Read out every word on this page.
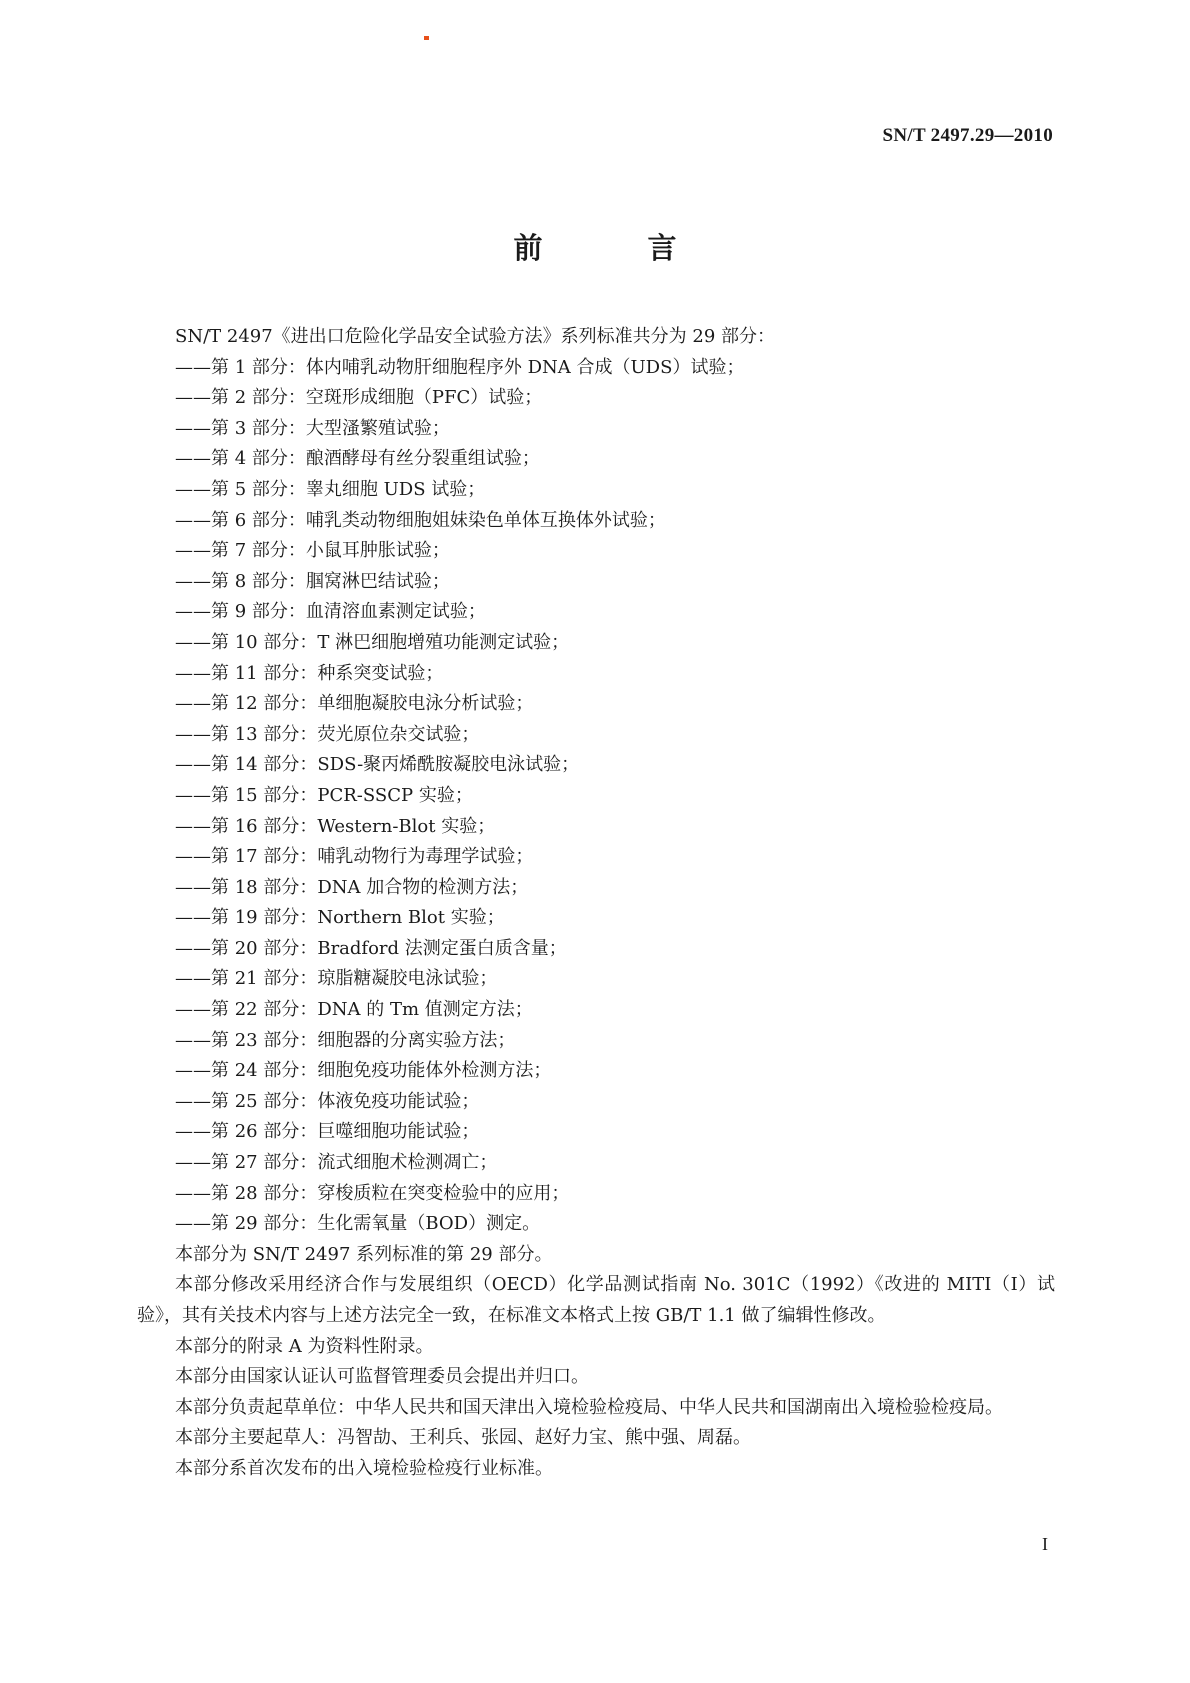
SN/T 2497.29—2010
前　言
SN/T 2497《进出口危险化学品安全试验方法》系列标准共分为 29 部分：
——第 1 部分：体内哺乳动物肝细胞程序外 DNA 合成（UDS）试验；
——第 2 部分：空斑形成细胞（PFC）试验；
——第 3 部分：大型溞繁殖试验；
——第 4 部分：酿酒酵母有丝分裂重组试验；
——第 5 部分：睾丸细胞 UDS 试验；
——第 6 部分：哺乳类动物细胞姐妹染色单体互换体外试验；
——第 7 部分：小鼠耳肿胀试验；
——第 8 部分：腘窝淋巴结试验；
——第 9 部分：血清溶血素测定试验；
——第 10 部分：T 淋巴细胞增殖功能测定试验；
——第 11 部分：种系突变试验；
——第 12 部分：单细胞凝胶电泳分析试验；
——第 13 部分：荧光原位杂交试验；
——第 14 部分：SDS-聚丙烯酰胺凝胶电泳试验；
——第 15 部分：PCR-SSCP 实验；
——第 16 部分：Western-Blot 实验；
——第 17 部分：哺乳动物行为毒理学试验；
——第 18 部分：DNA 加合物的检测方法；
——第 19 部分：Northern Blot 实验；
——第 20 部分：Bradford 法测定蛋白质含量；
——第 21 部分：琼脂糖凝胶电泳试验；
——第 22 部分：DNA 的 Tm 值测定方法；
——第 23 部分：细胞器的分离实验方法；
——第 24 部分：细胞免疫功能体外检测方法；
——第 25 部分：体液免疫功能试验；
——第 26 部分：巨噬细胞功能试验；
——第 27 部分：流式细胞术检测凋亡；
——第 28 部分：穿梭质粒在突变检验中的应用；
——第 29 部分：生化需氧量（BOD）测定。
本部分为 SN/T 2497 系列标准的第 29 部分。
本部分修改采用经济合作与发展组织（OECD）化学品测试指南 No. 301C（1992）《改进的 MITI（I）试验》，其有关技术内容与上述方法完全一致，在标准文本格式上按 GB/T 1.1 做了编辑性修改。
本部分的附录 A 为资料性附录。
本部分由国家认证认可监督管理委员会提出并归口。
本部分负责起草单位：中华人民共和国天津出入境检验检疫局、中华人民共和国湖南出入境检验检疫局。
本部分主要起草人：冯智劼、王利兵、张园、赵好力宝、熊中强、周磊。
本部分系首次发布的出入境检验检疫行业标准。
I
